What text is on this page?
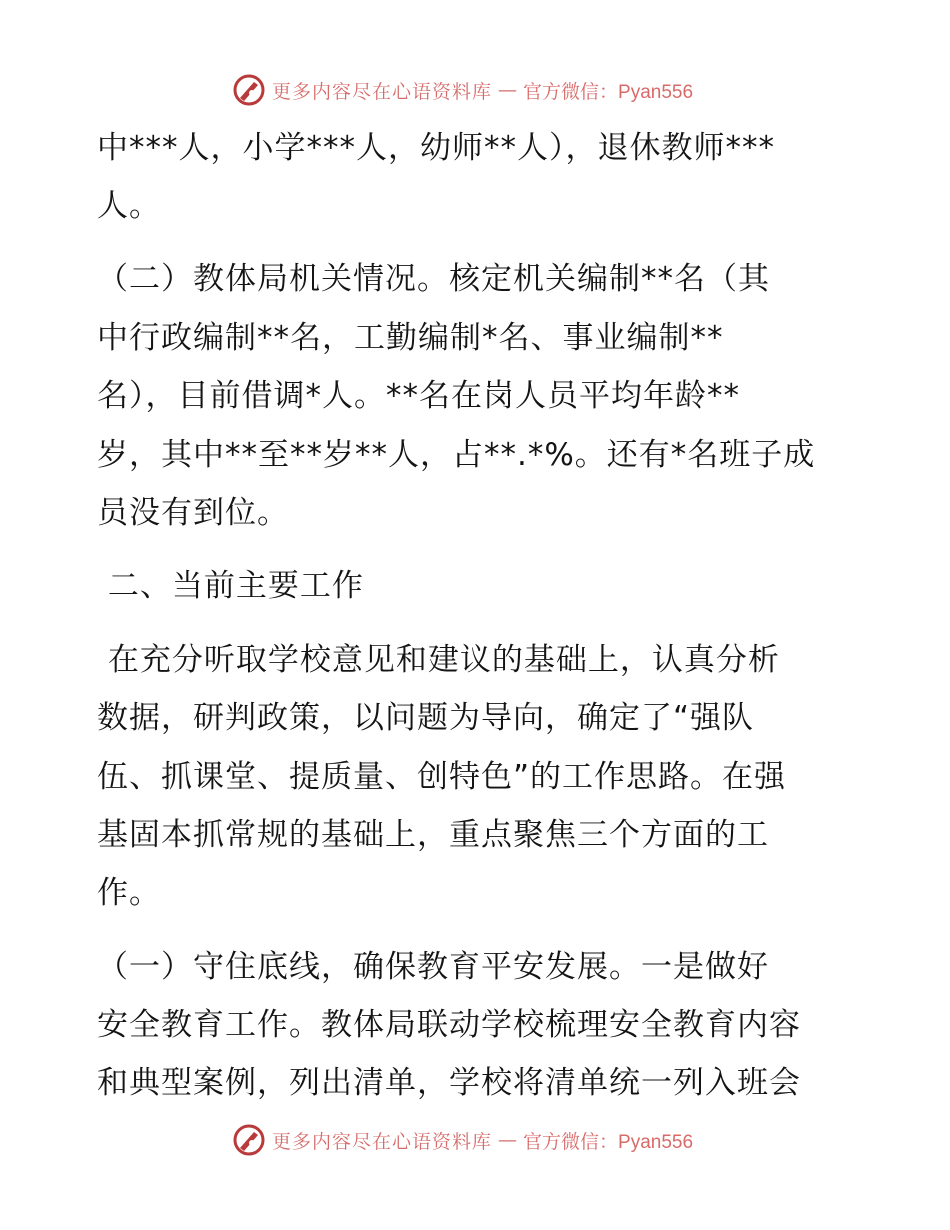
更多内容尽在心语资料库 — 官方微信：Pyan556
中***人，小学***人，幼师**人），退休教师***
人。
（二）教体局机关情况。核定机关编制**名（其
中行政编制**名，工勤编制*名、事业编制**
名），目前借调*人。**名在岗人员平均年龄**
岁，其中**至**岁**人，占**.*%。还有*名班子成
员没有到位。
二、当前主要工作
在充分听取学校意见和建议的基础上，认真分析
数据，研判政策，以问题为导向，确定了“强队
伍、抓课堂、提质量、创特色”的工作思路。在强
基固本抓常规的基础上，重点聚焦三个方面的工
作。
（一）守住底线，确保教育平安发展。一是做好
安全教育工作。教体局联动学校梳理安全教育内容
和典型案例，列出清单，学校将清单统一列入班会
更多内容尽在心语资料库 — 官方微信：Pyan556
